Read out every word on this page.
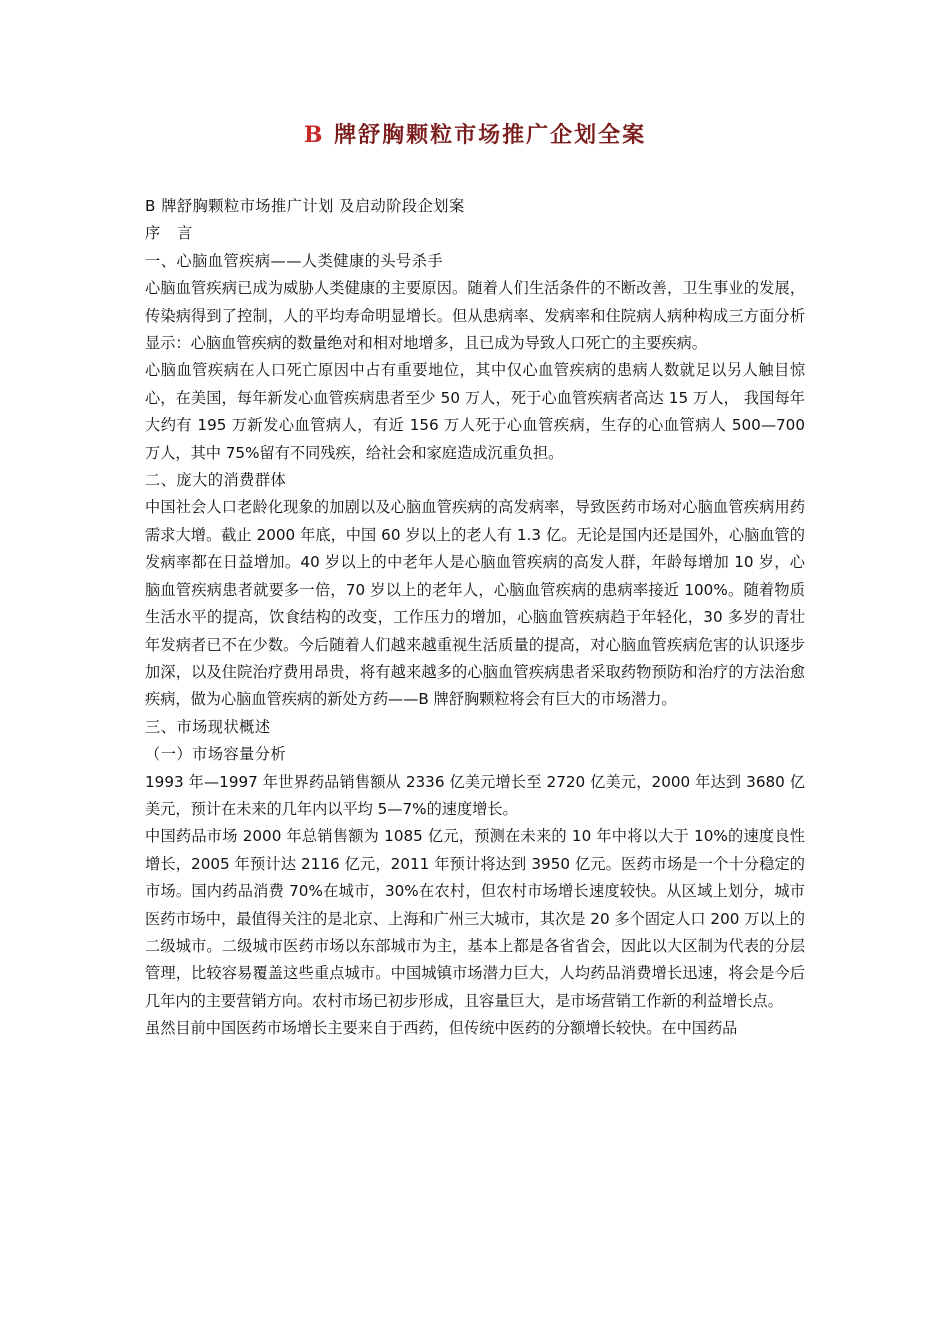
B 牌舒胸颗粒市场推广企划全案

B 牌舒胸颗粒市场推广计划 及启动阶段企划案

序 言

一、心脑血管疾病——人类健康的头号杀手

心脑血管疾病已成为威胁人类健康的主要原因。随着人们生活条件的不断改善，卫生事业的发展，传染病得到了控制，人的平均寿命明显增长。但从患病率、发病率和住院病人病种构成三方面分析显示：心脑血管疾病的数量绝对和相对地增多，且已成为导致人口死亡的主要疾病。

心脑血管疾病在人口死亡原因中占有重要地位，其中仅心血管疾病的患病人数就足以另人触目惊心，在美国，每年新发心血管疾病患者至少 50 万人，死于心血管疾病者高达 15 万人， 我国每年大约有 195 万新发心血管病人，有近 156 万人死于心血管疾病，生存的心血管病人 500—700 万人，其中 75%留有不同残疾，给社会和家庭造成沉重负担。

二、庞大的消费群体

中国社会人口老龄化现象的加剧以及心脑血管疾病的高发病率，导致医药市场对心脑血管疾病用药需求大增。截止 2000 年底，中国 60 岁以上的老人有 1.3 亿。无论是国内还是国外，心脑血管的发病率都在日益增加。40 岁以上的中老年人是心脑血管疾病的高发人群，年龄每增加 10 岁，心脑血管疾病患者就要多一倍，70 岁以上的老年人，心脑血管疾病的患病率接近 100%。随着物质生活水平的提高，饮食结构的改变，工作压力的增加，心脑血管疾病趋于年轻化，30 多岁的青壮年发病者已不在少数。今后随着人们越来越重视生活质量的提高，对心脑血管疾病危害的认识逐步加深，以及住院治疗费用昂贵，将有越来越多的心脑血管疾病患者采取药物预防和治疗的方法治愈疾病，做为心脑血管疾病的新处方药——B 牌舒胸颗粒将会有巨大的市场潜力。

三、市场现状概述

（一）市场容量分析

1993 年—1997 年世界药品销售额从 2336 亿美元增长至 2720 亿美元，2000 年达到 3680 亿美元，预计在未来的几年内以平均 5—7%的速度增长。

中国药品市场 2000 年总销售额为 1085 亿元，预测在未来的 10 年中将以大于 10%的速度良性增长，2005 年预计达 2116 亿元，2011 年预计将达到 3950 亿元。医药市场是一个十分稳定的市场。国内药品消费 70%在城市，30%在农村，但农村市场增长速度较快。从区域上划分，城市医药市场中，最值得关注的是北京、上海和广州三大城市，其次是 20 多个固定人口 200 万以上的二级城市。二级城市医药市场以东部城市为主，基本上都是各省省会，因此以大区制为代表的分层管理，比较容易覆盖这些重点城市。中国城镇市场潜力巨大，人均药品消费增长迅速，将会是今后几年内的主要营销方向。农村市场已初步形成，且容量巨大，是市场营销工作新的利益增长点。

虽然目前中国医药市场增长主要来自于西药，但传统中医药的分额增长较快。在中国药品
